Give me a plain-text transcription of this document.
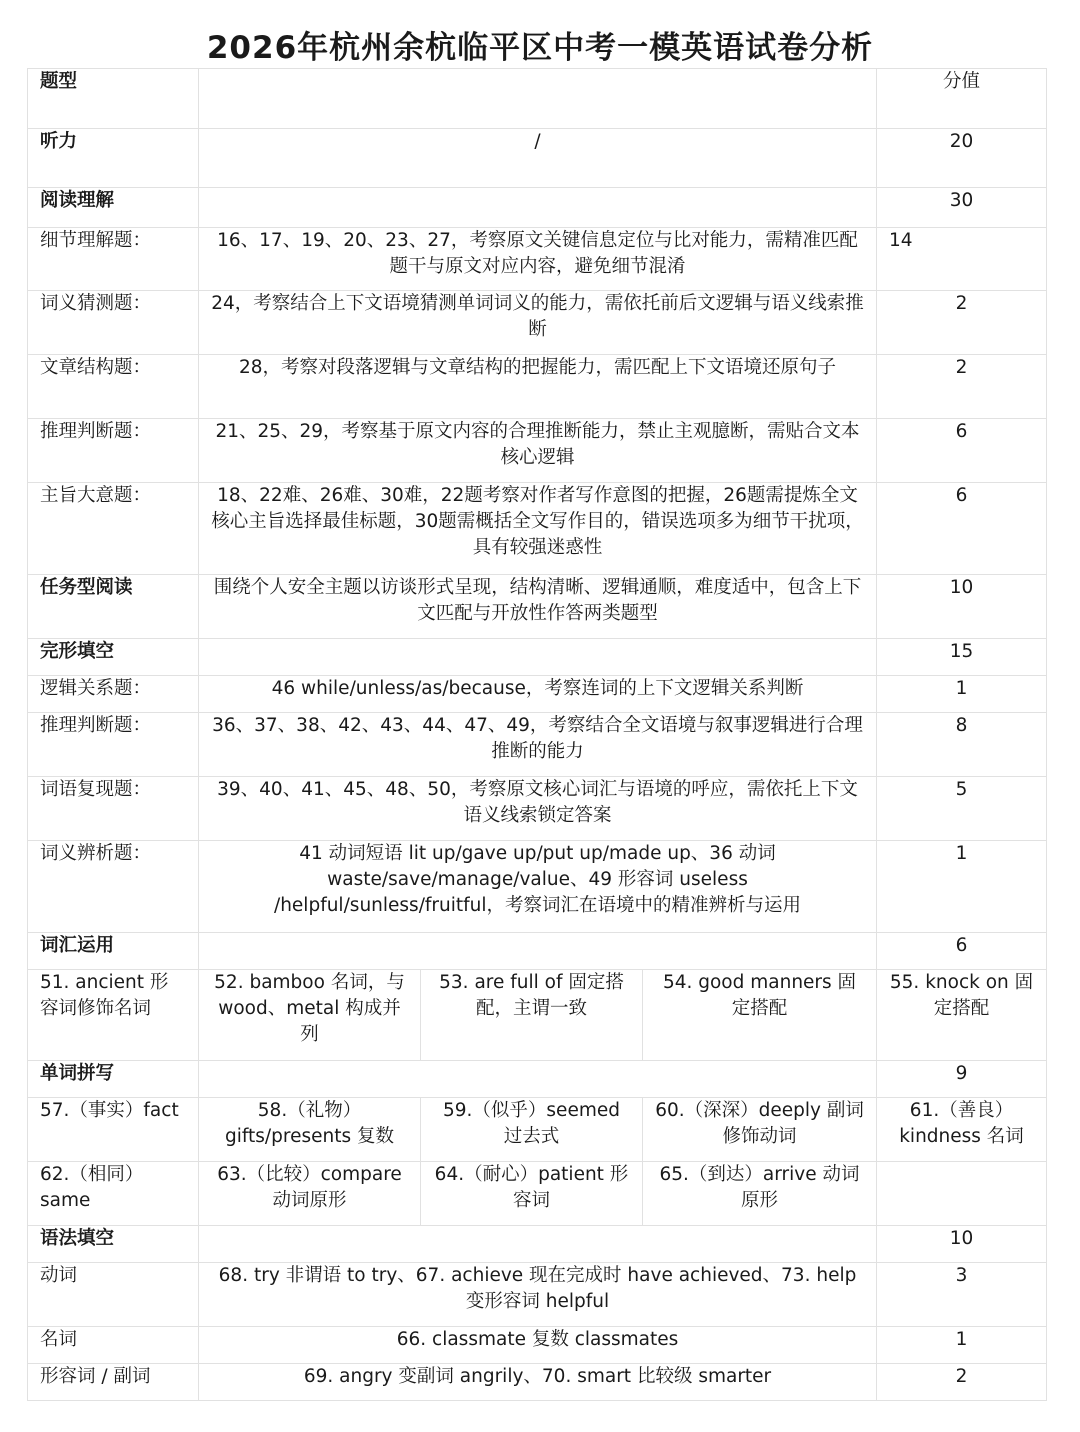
2026年杭州余杭临平区中考一模英语试卷分析
题型				分值
听力	/			20
阅读理解				30
细节理解题：	16、17、19、20、23、27，考察原文关键信息定位与比对能力，需精准匹配题干与原文对应内容，避免细节混淆			14
词义猜测题：	24，考察结合上下文语境猜测单词词义的能力，需依托前后文逻辑与语义线索推断			2
文章结构题：	28，考察对段落逻辑与文章结构的把握能力，需匹配上下文语境还原句子			2
推理判断题：	21、25、29，考察基于原文内容的合理推断能力，禁止主观臆断，需贴合文本核心逻辑			6
主旨大意题：	18、22难、26难、30难，22题考察对作者写作意图的把握，26题需提炼全文核心主旨选择最佳标题，30题需概括全文写作目的，错误选项多为细节干扰项，具有较强迷惑性			6
任务型阅读	围绕个人安全主题以访谈形式呈现，结构清晰、逻辑通顺，难度适中，包含上下文匹配与开放性作答两类题型			10
完形填空				15
逻辑关系题：	46 while/unless/as/because，考察连词的上下文逻辑关系判断			1
推理判断题：	36、37、38、42、43、44、47、49，考察结合全文语境与叙事逻辑进行合理推断的能力			8
词语复现题：	39、40、41、45、48、50，考察原文核心词汇与语境的呼应，需依托上下文语义线索锁定答案			5
词义辨析题：	41 动词短语 lit up/gave up/put up/made up、36 动词 waste/save/manage/value、49 形容词 useless /helpful/sunless/fruitful，考察词汇在语境中的精准辨析与运用			1
词汇运用				6
51. ancient 形容词修饰名词	52. bamboo 名词，与wood、metal 构成并列	53. are full of 固定搭配，主谓一致	54. good manners 固定搭配	55. knock on 固定搭配
单词拼写				9
57.（事实）fact	58.（礼物）gifts/presents 复数	59.（似乎）seemed 过去式	60.（深深）deeply 副词修饰动词	61.（善良）kindness 名词
62.（相同）same	63.（比较）compare 动词原形	64.（耐心）patient 形容词	65.（到达）arrive 动词原形	
语法填空				10
动词	68. try 非谓语 to try、67. achieve 现在完成时 have achieved、73. help 变形容词 helpful			3
名词	66. classmate 复数 classmates			1
形容词 / 副词	69. angry 变副词 angrily、70. smart 比较级 smarter			2
